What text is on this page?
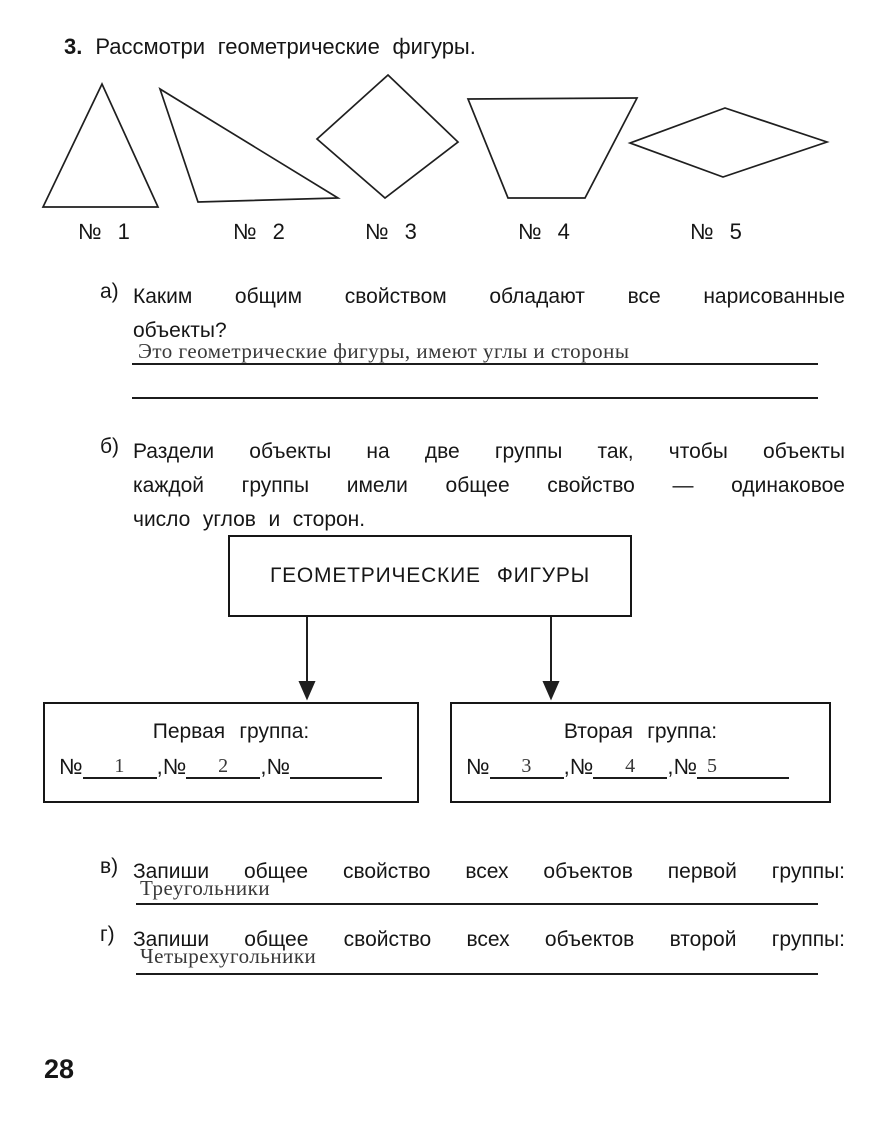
3. Рассмотри геометрические фигуры.
№ 1	№ 2	№ 3	№ 4	№ 5
а) Каким общим свойством обладают все нарисованные
объекты?
Это геометрические фигуры, имеют углы и стороны
б) Раздели объекты на две группы так, чтобы объекты
каждой группы имели общее свойство — одинаковое
число углов и сторон.
ГЕОМЕТРИЧЕСКИЕ ФИГУРЫ
Первая группа:
№ 1 ,№ 2 ,№
Вторая группа:
№ 3 ,№ 4 ,№ 5
в) Запиши общее свойство всех объектов первой группы:
Треугольники
г) Запиши общее свойство всех объектов второй группы:
Четырехугольники
28
